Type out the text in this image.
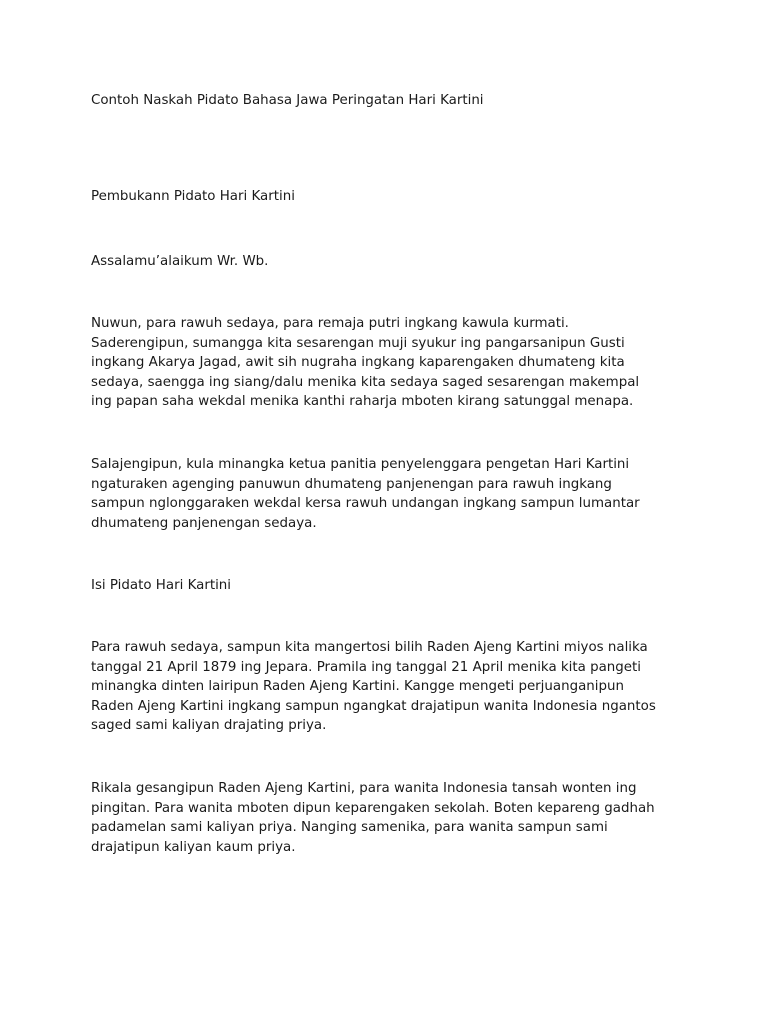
Contoh Naskah Pidato Bahasa Jawa Peringatan Hari Kartini

Pembukann Pidato Hari Kartini

Assalamu’alaikum Wr. Wb.

Nuwun, para rawuh sedaya, para remaja putri ingkang kawula kurmati.

Saderengipun, sumangga kita sesarengan muji syukur ing pangarsanipun Gusti

ingkang Akarya Jagad, awit sih nugraha ingkang kaparengaken dhumateng kita

sedaya, saengga ing siang/dalu menika kita sedaya saged sesarengan makempal

ing papan saha wekdal menika kanthi raharja mboten kirang satunggal menapa.

Salajengipun, kula minangka ketua panitia penyelenggara pengetan Hari Kartini

ngaturaken agenging panuwun dhumateng panjenengan para rawuh ingkang

sampun nglonggaraken wekdal kersa rawuh undangan ingkang sampun lumantar

dhumateng panjenengan sedaya.

Isi Pidato Hari Kartini

Para rawuh sedaya, sampun kita mangertosi bilih Raden Ajeng Kartini miyos nalika

tanggal 21 April 1879 ing Jepara. Pramila ing tanggal 21 April menika kita pangeti

minangka dinten lairipun Raden Ajeng Kartini. Kangge mengeti perjuanganipun

Raden Ajeng Kartini ingkang sampun ngangkat drajatipun wanita Indonesia ngantos

saged sami kaliyan drajating priya.

Rikala gesangipun Raden Ajeng Kartini, para wanita Indonesia tansah wonten ing

pingitan. Para wanita mboten dipun keparengaken sekolah. Boten kepareng gadhah

padamelan sami kaliyan priya. Nanging samenika, para wanita sampun sami

drajatipun kaliyan kaum priya.
